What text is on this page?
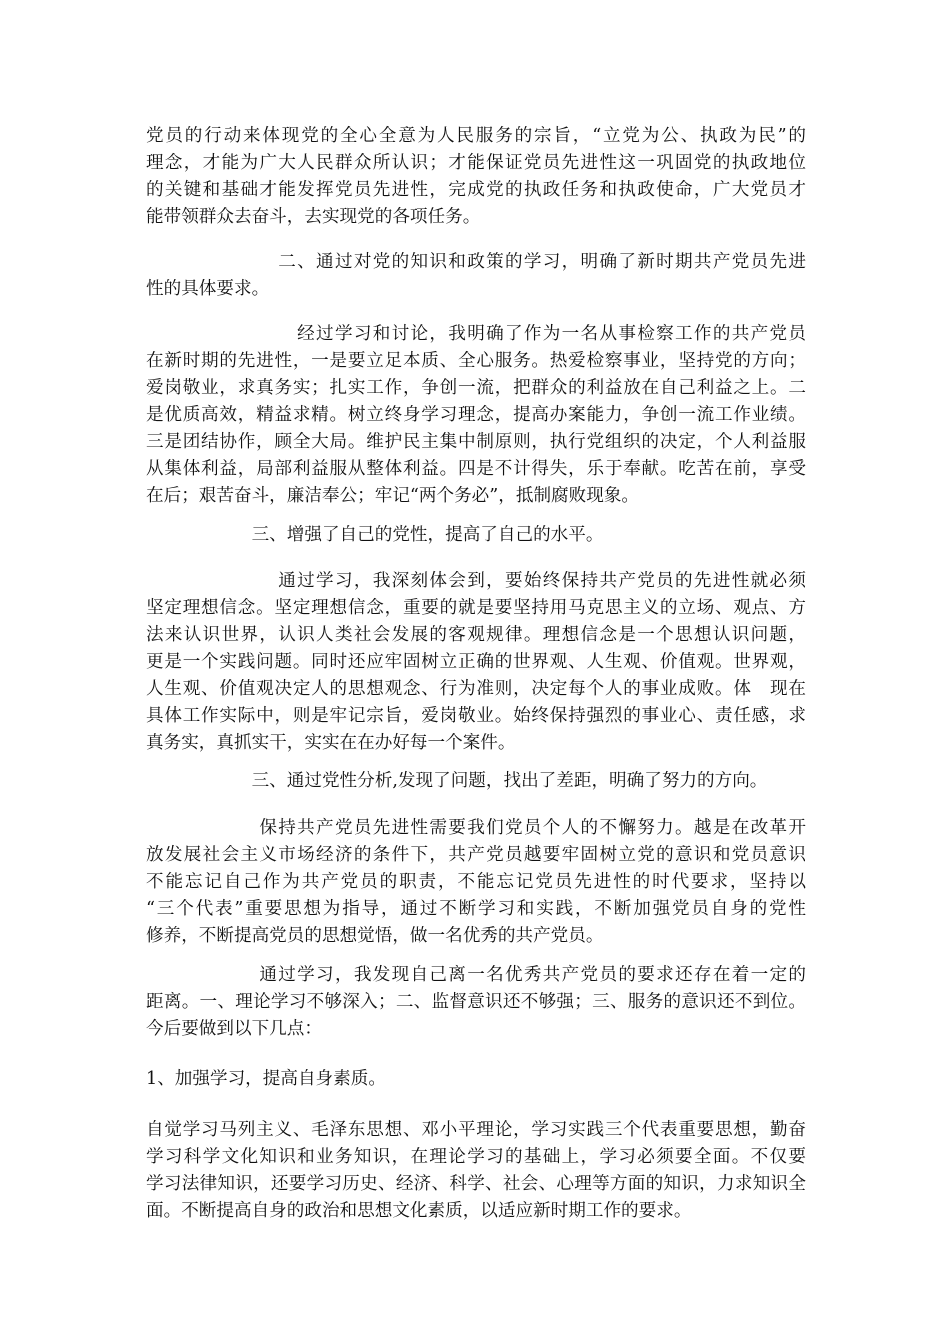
党员的行动来体现党的全心全意为人民服务的宗旨，“立党为公、执政为民”的
理念，才能为广大人民群众所认识；才能保证党员先进性这一巩固党的执政地位
的关键和基础才能发挥党员先进性，完成党的执政任务和执政使命，广大党员才
能带领群众去奋斗，去实现党的各项任务。
　　　　　　　二、通过对党的知识和政策的学习，明确了新时期共产党员先进
性的具体要求。
　　　　　　　　经过学习和讨论，我明确了作为一名从事检察工作的共产党员
在新时期的先进性，一是要立足本质、全心服务。热爱检察事业，坚持党的方向；
爱岗敬业，求真务实；扎实工作，争创一流，把群众的利益放在自己利益之上。二
是优质高效，精益求精。树立终身学习理念，提高办案能力，争创一流工作业绩。
三是团结协作，顾全大局。维护民主集中制原则，执行党组织的决定，个人利益服
从集体利益，局部利益服从整体利益。四是不计得失，乐于奉献。吃苦在前，享受
在后；艰苦奋斗，廉洁奉公；牢记“两个务必”，抵制腐败现象。
　　　　　　三、增强了自己的党性，提高了自己的水平。
　　　　　　　通过学习，我深刻体会到，要始终保持共产党员的先进性就必须
坚定理想信念。坚定理想信念，重要的就是要坚持用马克思主义的立场、观点、方
法来认识世界，认识人类社会发展的客观规律。理想信念是一个思想认识问题，
更是一个实践问题。同时还应牢固树立正确的世界观、人生观、价值观。世界观，
人生观、价值观决定人的思想观念、行为准则，决定每个人的事业成败。体　现在
具体工作实际中，则是牢记宗旨，爱岗敬业。始终保持强烈的事业心、责任感，求
真务实，真抓实干，实实在在办好每一个案件。
　　　　　　三、通过党性分析,发现了问题，找出了差距，明确了努力的方向。
　　　　　　保持共产党员先进性需要我们党员个人的不懈努力。越是在改革开
放发展社会主义市场经济的条件下，共产党员越要牢固树立党的意识和党员意识
不能忘记自己作为共产党员的职责，不能忘记党员先进性的时代要求，坚持以
“三个代表”重要思想为指导，通过不断学习和实践，不断加强党员自身的党性
修养，不断提高党员的思想觉悟，做一名优秀的共产党员。
　　　　　　通过学习，我发现自己离一名优秀共产党员的要求还存在着一定的
距离。一、理论学习不够深入；二、监督意识还不够强；三、服务的意识还不到位。
今后要做到以下几点：
1、加强学习，提高自身素质。
自觉学习马列主义、毛泽东思想、邓小平理论，学习实践三个代表重要思想，勤奋
学习科学文化知识和业务知识，在理论学习的基础上，学习必须要全面。不仅要
学习法律知识，还要学习历史、经济、科学、社会、心理等方面的知识，力求知识全
面。不断提高自身的政治和思想文化素质，以适应新时期工作的要求。
